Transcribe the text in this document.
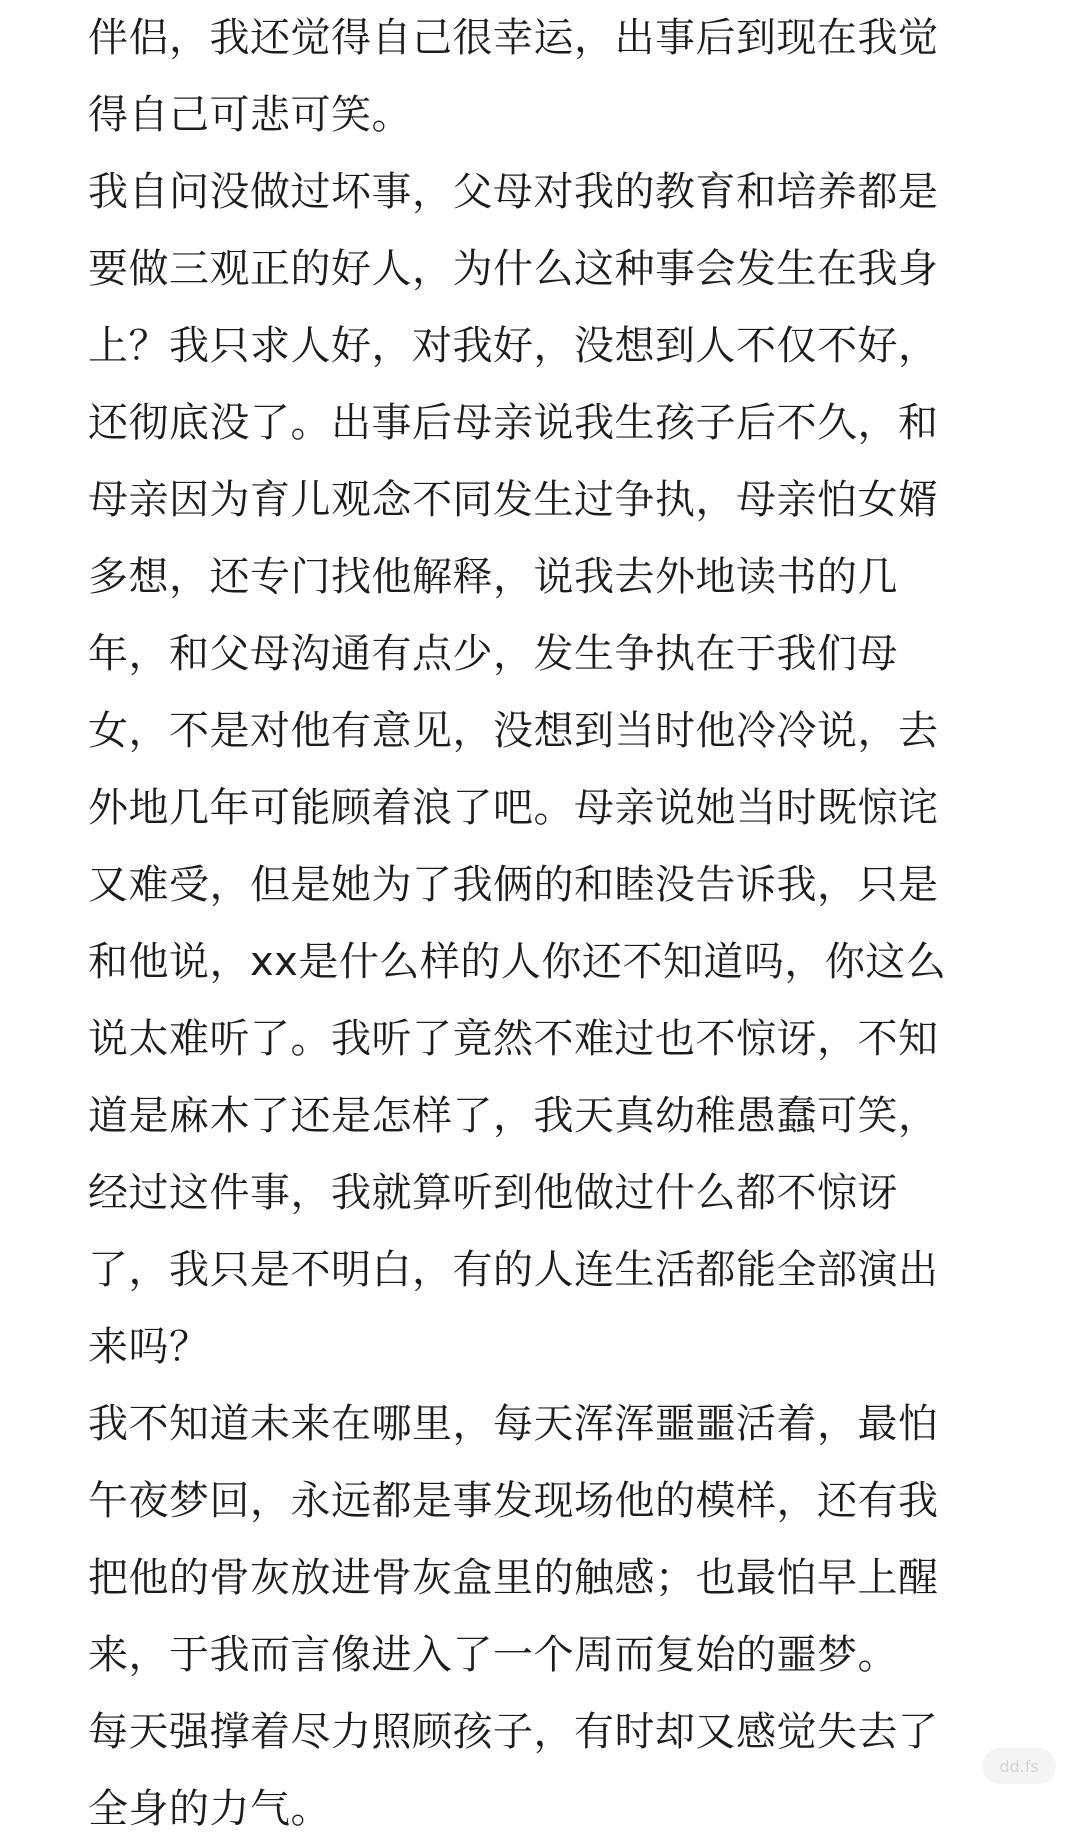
伴侣，我还觉得自己很幸运，出事后到现在我觉
得自己可悲可笑。
我自问没做过坏事，父母对我的教育和培养都是
要做三观正的好人，为什么这种事会发生在我身
上？我只求人好，对我好，没想到人不仅不好，
还彻底没了。出事后母亲说我生孩子后不久，和
母亲因为育儿观念不同发生过争执，母亲怕女婿
多想，还专门找他解释，说我去外地读书的几
年，和父母沟通有点少，发生争执在于我们母
女，不是对他有意见，没想到当时他冷冷说，去
外地几年可能顾着浪了吧。母亲说她当时既惊诧
又难受，但是她为了我俩的和睦没告诉我，只是
和他说，xx是什么样的人你还不知道吗，你这么
说太难听了。我听了竟然不难过也不惊讶，不知
道是麻木了还是怎样了，我天真幼稚愚蠢可笑，
经过这件事，我就算听到他做过什么都不惊讶
了，我只是不明白，有的人连生活都能全部演出
来吗？
我不知道未来在哪里，每天浑浑噩噩活着，最怕
午夜梦回，永远都是事发现场他的模样，还有我
把他的骨灰放进骨灰盒里的触感；也最怕早上醒
来，于我而言像进入了一个周而复始的噩梦。
每天强撑着尽力照顾孩子，有时却又感觉失去了
全身的力气。
dd.fs
